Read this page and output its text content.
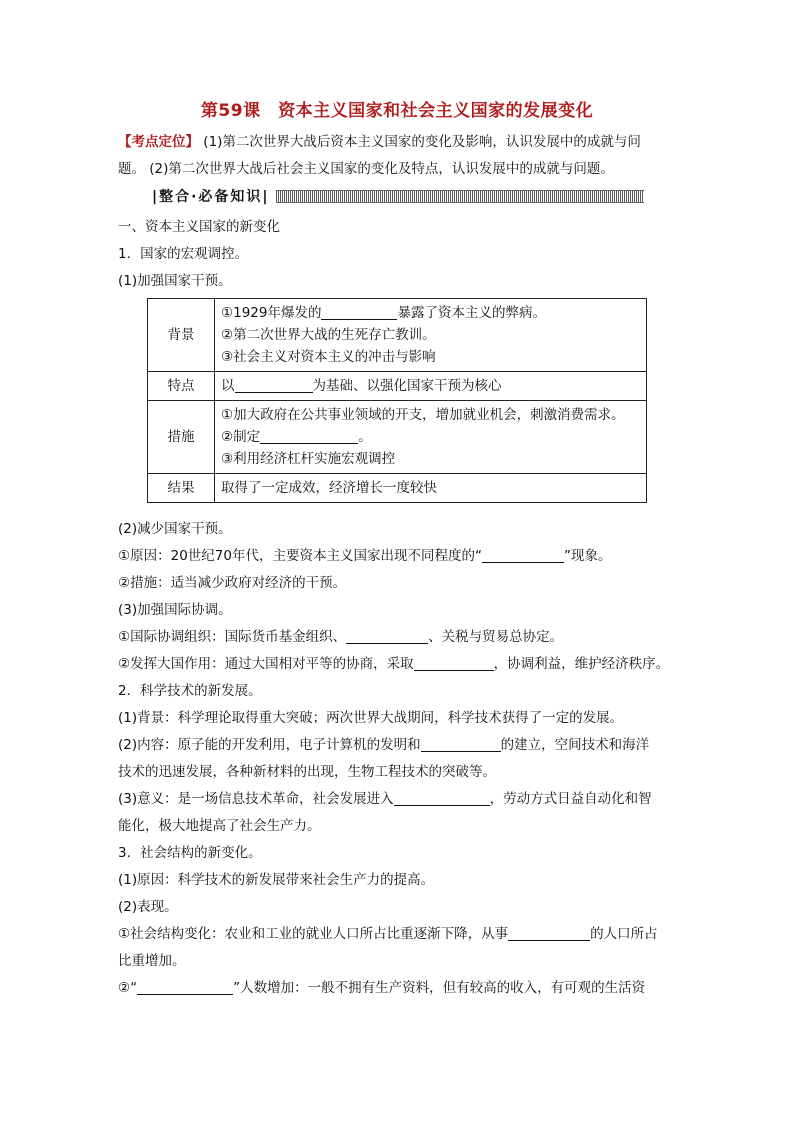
第59课　资本主义国家和社会主义国家的发展变化
【考点定位】 (1)第二次世界大战后资本主义国家的变化及影响，认识发展中的成就与问
题。 (2)第二次世界大战后社会主义国家的变化及特点，认识发展中的成就与问题。
|整合·必备知识|
一、资本主义国家的新变化
1．国家的宏观调控。
(1)加强国家干预。
背景	①1929年爆发的 暴露了资本主义的弊病。
②第二次世界大战的生死存亡教训。
③社会主义对资本主义的冲击与影响

特点	以 为基础、以强化国家干预为核心

措施	①加大政府在公共事业领域的开支，增加就业机会，刺激消费需求。
②制定 。
③利用经济杠杆实施宏观调控

结果	取得了一定成效，经济增长一度较快
(2)减少国家干预。
①原因：20世纪70年代，主要资本主义国家出现不同程度的“	”现象。
②措施：适当减少政府对经济的干预。
(3)加强国际协调。
①国际协调组织：国际货币基金组织、	、关税与贸易总协定。
②发挥大国作用：通过大国相对平等的协商，采取	，协调利益，维护经济秩序。
2．科学技术的新发展。
(1)背景：科学理论取得重大突破；两次世界大战期间，科学技术获得了一定的发展。
(2)内容：原子能的开发利用，电子计算机的发明和	的建立，空间技术和海洋
技术的迅速发展，各种新材料的出现，生物工程技术的突破等。
(3)意义：是一场信息技术革命，社会发展进入	，劳动方式日益自动化和智
能化，极大地提高了社会生产力。
3．社会结构的新变化。
(1)原因：科学技术的新发展带来社会生产力的提高。
(2)表现。
①社会结构变化：农业和工业的就业人口所占比重逐渐下降，从事	的人口所占
比重增加。
②“	”人数增加：一般不拥有生产资料，但有较高的收入，有可观的生活资
